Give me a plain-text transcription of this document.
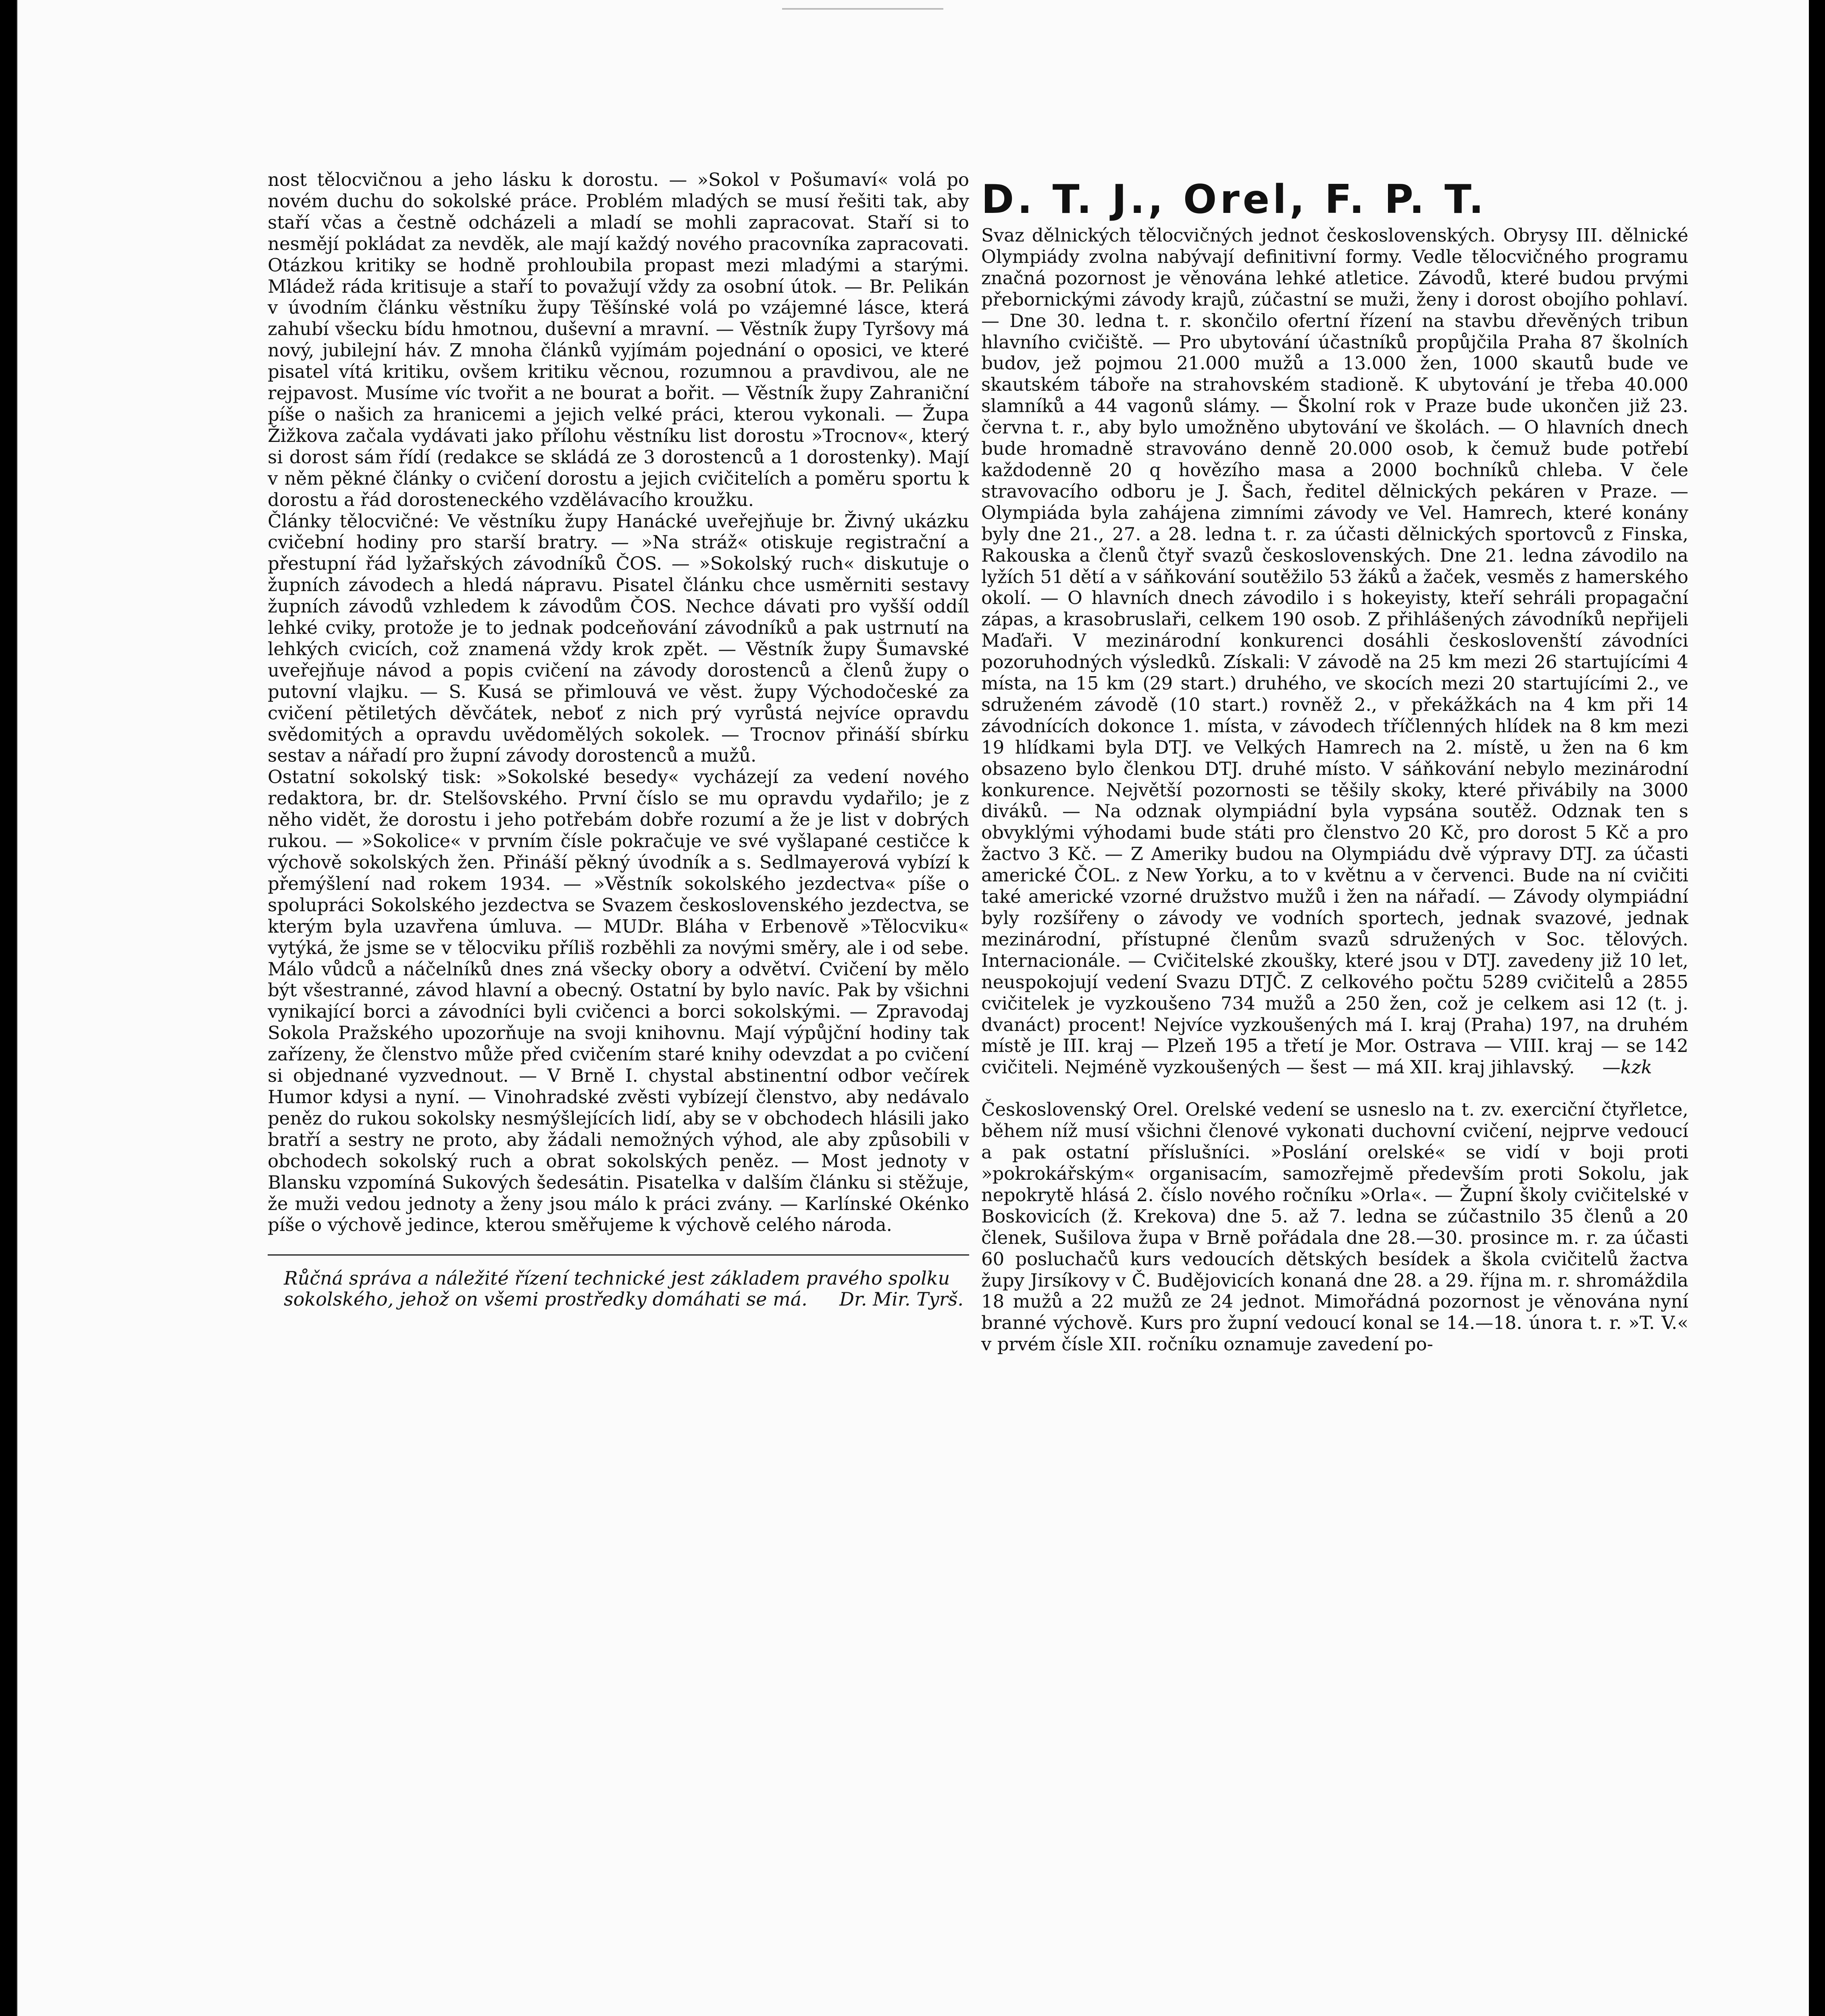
nost tělocvičnou a jeho lásku k dorostu. — »Sokol v Pošumaví« volá po novém duchu do sokolské práce. Problém mladých se musí řešiti tak, aby staří včas a čestně odcházeli a mladí se mohli zapracovat. Staří si to nesmějí pokládat za nevděk, ale mají každý nového pracovníka zapracovati. Otázkou kritiky se hodně prohloubila propast mezi mladými a starými. Mládež ráda kritisuje a staří to považují vždy za osobní útok. — Br. Pelikán v úvodním článku věstníku župy Těšínské volá po vzájemné lásce, která zahubí všecku bídu hmotnou, duševní a mravní. — Věstník župy Tyršovy má nový, jubilejní háv. Z mnoha článků vyjímám pojednání o oposici, ve které pisatel vítá kritiku, ovšem kritiku věcnou, rozumnou a pravdivou, ale ne rejpavost. Musíme víc tvořit a ne bourat a bořit. — Věstník župy Zahraniční píše o našich za hranicemi a jejich velké práci, kterou vykonali. — Župa Žižkova začala vydávati jako přílohu věstníku list dorostu »Trocnov«, který si dorost sám řídí (redakce se skládá ze 3 dorostenců a 1 dorostenky). Mají v něm pěkné články o cvičení dorostu a jejich cvičitelích a poměru sportu k dorostu a řád dorosteneckého vzdělávacího kroužku.

Články tělocvičné: Ve věstníku župy Hanácké uveřejňuje br. Živný ukázku cvičební hodiny pro starší bratry. — »Na stráž« otiskuje registrační a přestupní řád lyžařských závodníků ČOS. — »Sokolský ruch« diskutuje o župních závodech a hledá nápravu. Pisatel článku chce usměrniti sestavy župních závodů vzhledem k závodům ČOS. Nechce dávati pro vyšší oddíl lehké cviky, protože je to jednak podceňování závodníků a pak ustrnutí na lehkých cvicích, což znamená vždy krok zpět. — Věstník župy Šumavské uveřejňuje návod a popis cvičení na závody dorostenců a členů župy o putovní vlajku. — S. Kusá se přimlouvá ve věst. župy Východočeské za cvičení pětiletých děvčátek, neboť z nich prý vyrůstá nejvíce opravdu svědomitých a opravdu uvědomělých sokolek. — Trocnov přináší sbírku sestav a nářadí pro župní závody dorostenců a mužů.

Ostatní sokolský tisk: »Sokolské besedy« vycházejí za vedení nového redaktora, br. dr. Stelšovského. První číslo se mu opravdu vydařilo; je z něho vidět, že dorostu i jeho potřebám dobře rozumí a že je list v dobrých rukou. — »Sokolice« v prvním čísle pokračuje ve své vyšlapané cestičce k výchově sokolských žen. Přináší pěkný úvodník a s. Sedlmayerová vybízí k přemýšlení nad rokem 1934. — »Věstník sokolského jezdectva« píše o spolupráci Sokolského jezdectva se Svazem československého jezdectva, se kterým byla uzavřena úmluva. — MUDr. Bláha v Erbenově »Tělocviku« vytýká, že jsme se v tělocviku příliš rozběhli za novými směry, ale i od sebe. Málo vůdců a náčelníků dnes zná všecky obory a odvětví. Cvičení by mělo být všestranné, závod hlavní a obecný. Ostatní by bylo navíc. Pak by všichni vynikající borci a závodníci byli cvičenci a borci sokolskými. — Zpravodaj Sokola Pražského upozorňuje na svoji knihovnu. Mají výpůjční hodiny tak zařízeny, že členstvo může před cvičením staré knihy odevzdat a po cvičení si objednané vyzvednout. — V Brně I. chystal abstinentní odbor večírek Humor kdysi a nyní. — Vinohradské zvěsti vybízejí členstvo, aby nedávalo peněz do rukou sokolsky nesmýšlejících lidí, aby se v obchodech hlásili jako bratří a sestry ne proto, aby žádali nemožných výhod, ale aby způsobili v obchodech sokolský ruch a obrat sokolských peněz. — Most jednoty v Blansku vzpomíná Sukových šedesátin. Pisatelka v dalším článku si stěžuje, že muži vedou jednoty a ženy jsou málo k práci zvány. — Karlínské Okénko píše o výchově jedince, kterou směřujeme k výchově celého národa.

Růčná správa a náležité řízení technické jest základem pravého spolku sokolského, jehož on všemi prostředky domáhati se má. Dr. Mir. Tyrš.

D. T. J., Orel, F. P. T.

Svaz dělnických tělocvičných jednot československých. Obrysy III. dělnické Olympiády zvolna nabývají definitivní formy. Vedle tělocvičného programu značná pozornost je věnována lehké atletice. Závodů, které budou prvými přebornickými závody krajů, zúčastní se muži, ženy i dorost obojího pohlaví. — Dne 30. ledna t. r. skončilo ofertní řízení na stavbu dřevěných tribun hlavního cvičiště. — Pro ubytování účastníků propůjčila Praha 87 školních budov, jež pojmou 21.000 mužů a 13.000 žen, 1000 skautů bude ve skautském táboře na strahovském stadioně. K ubytování je třeba 40.000 slamníků a 44 vagonů slámy. — Školní rok v Praze bude ukončen již 23. června t. r., aby bylo umožněno ubytování ve školách. — O hlavních dnech bude hromadně stravováno denně 20.000 osob, k čemuž bude potřebí každodenně 20 q hovězího masa a 2000 bochníků chleba. V čele stravovacího odboru je J. Šach, ředitel dělnických pekáren v Praze. — Olympiáda byla zahájena zimními závody ve Vel. Hamrech, které konány byly dne 21., 27. a 28. ledna t. r. za účasti dělnických sportovců z Finska, Rakouska a členů čtyř svazů československých. Dne 21. ledna závodilo na lyžích 51 dětí a v sáňkování soutěžilo 53 žáků a žaček, vesměs z hamerského okolí. — O hlavních dnech závodilo i s hokeyisty, kteří sehráli propagační zápas, a krasobruslaři, celkem 190 osob. Z přihlášených závodníků nepřijeli Maďaři. V mezinárodní konkurenci dosáhli českoslovenští závodníci pozoruhodných výsledků. Získali: V závodě na 25 km mezi 26 startujícími 4 místa, na 15 km (29 start.) druhého, ve skocích mezi 20 startujícími 2., ve sdruženém závodě (10 start.) rovněž 2., v překážkách na 4 km při 14 závodnících dokonce 1. místa, v závodech tříčlenných hlídek na 8 km mezi 19 hlídkami byla DTJ. ve Velkých Hamrech na 2. místě, u žen na 6 km obsazeno bylo členkou DTJ. druhé místo. V sáňkování nebylo mezinárodní konkurence. Největší pozornosti se těšily skoky, které přivábily na 3000 diváků. — Na odznak olympiádní byla vypsána soutěž. Odznak ten s obvyklými výhodami bude státi pro členstvo 20 Kč, pro dorost 5 Kč a pro žactvo 3 Kč. — Z Ameriky budou na Olympiádu dvě výpravy DTJ. za účasti americké ČOL. z New Yorku, a to v květnu a v červenci. Bude na ní cvičiti také americké vzorné družstvo mužů i žen na nářadí. — Závody olympiádní byly rozšířeny o závody ve vodních sportech, jednak svazové, jednak mezinárodní, přístupné členům svazů sdružených v Soc. tělových. Internacionále. — Cvičitelské zkoušky, které jsou v DTJ. zavedeny již 10 let, neuspokojují vedení Svazu DTJČ. Z celkového počtu 5289 cvičitelů a 2855 cvičitelek je vyzkoušeno 734 mužů a 250 žen, což je celkem asi 12 (t. j. dvanáct) procent! Nejvíce vyzkoušených má I. kraj (Praha) 197, na druhém místě je III. kraj — Plzeň 195 a třetí je Mor. Ostrava — VIII. kraj — se 142 cvičiteli. Nejméně vyzkoušených — šest — má XII. kraj jihlavský. —kzk

Československý Orel. Orelské vedení se usneslo na t. zv. exerciční čtyřletce, během níž musí všichni členové vykonati duchovní cvičení, nejprve vedoucí a pak ostatní příslušníci. »Poslání orelské« se vidí v boji proti »pokrokářským« organisacím, samozřejmě především proti Sokolu, jak nepokrytě hlásá 2. číslo nového ročníku »Orla«. — Župní školy cvičitelské v Boskovicích (ž. Krekova) dne 5. až 7. ledna se zúčastnilo 35 členů a 20 členek, Sušilova župa v Brně pořádala dne 28.—30. prosince m. r. za účasti 60 posluchačů kurs vedoucích dětských besídek a škola cvičitelů žactva župy Jirsíkovy v Č. Budějovicích konaná dne 28. a 29. října m. r. shromáždila 18 mužů a 22 mužů ze 24 jednot. Mimořádná pozornost je věnována nyní branné výchově. Kurs pro župní vedoucí konal se 14.—18. února t. r. »T. V.« v prvém čísle XII. ročníku oznamuje zavedení po-
